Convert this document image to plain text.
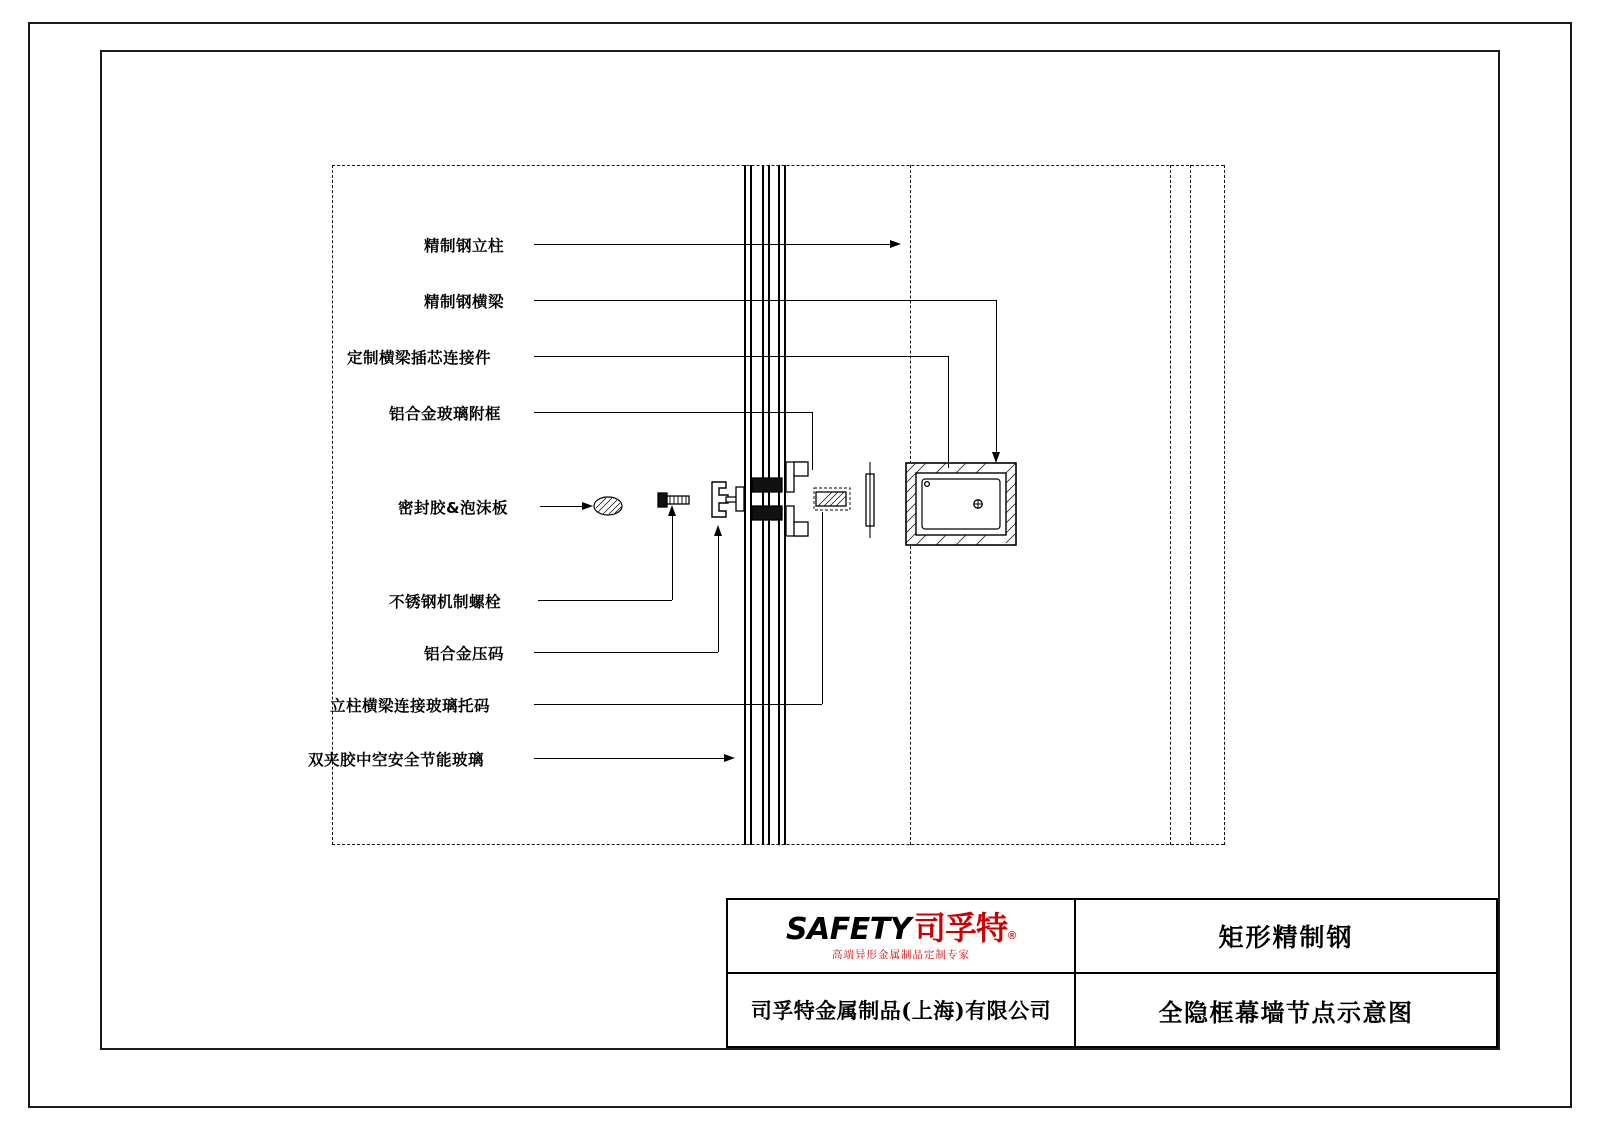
精制钢立柱
精制钢横梁
定制横梁插芯连接件
铝合金玻璃附框
密封胶&泡沫板
不锈钢机制螺栓
铝合金压码
立柱横梁连接玻璃托码
双夹胶中空安全节能玻璃
SAFETY 司孚特 ®
高端异形金属制品定制专家
司孚特金属制品(上海)有限公司
矩形精制钢
全隐框幕墙节点示意图
